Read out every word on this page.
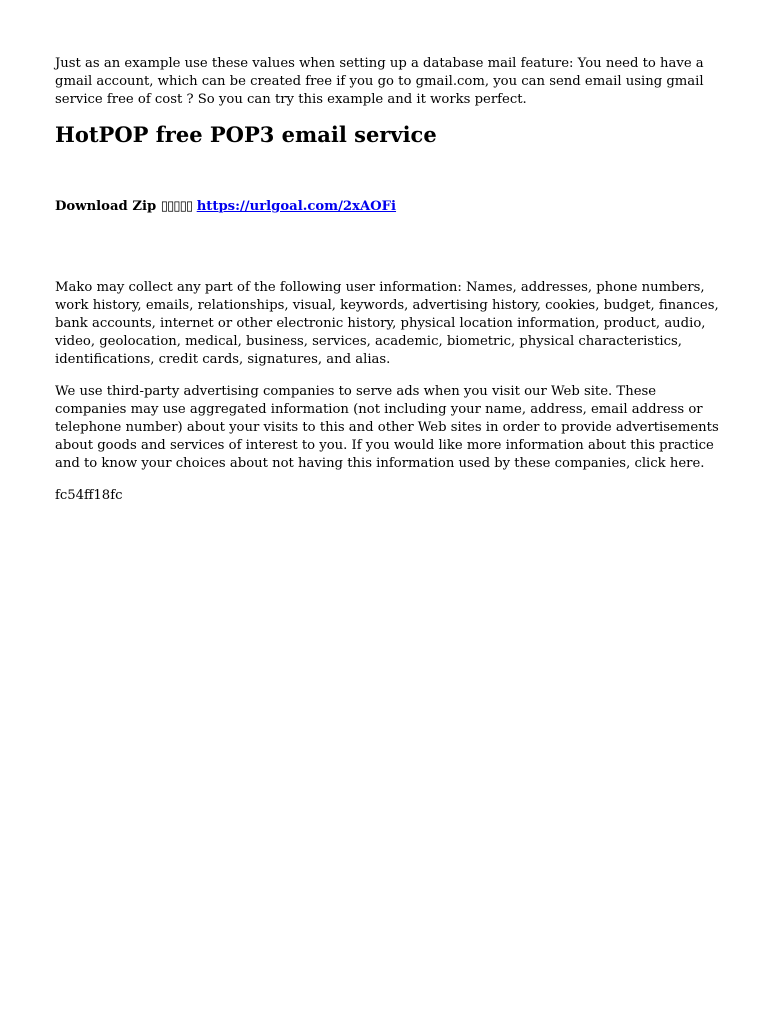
Just as an example use these values when setting up a database mail feature: You need to have a gmail account, which can be created free if you go to gmail.com, you can send email using gmail service free of cost ? So you can try this example and it works perfect.

HotPOP free POP3 email service
Download Zip ▯▯▯▯▯ https://urlgoal.com/2xAOFi

Mako may collect any part of the following user information: Names, addresses, phone numbers, work history, emails, relationships, visual, keywords, advertising history, cookies, budget, finances, bank accounts, internet or other electronic history, physical location information, product, audio, video, geolocation, medical, business, services, academic, biometric, physical characteristics, identifications, credit cards, signatures, and alias.

We use third-party advertising companies to serve ads when you visit our Web site. These companies may use aggregated information (not including your name, address, email address or telephone number) about your visits to this and other Web sites in order to provide advertisements about goods and services of interest to you. If you would like more information about this practice and to know your choices about not having this information used by these companies, click here.

fc54ff18fc
